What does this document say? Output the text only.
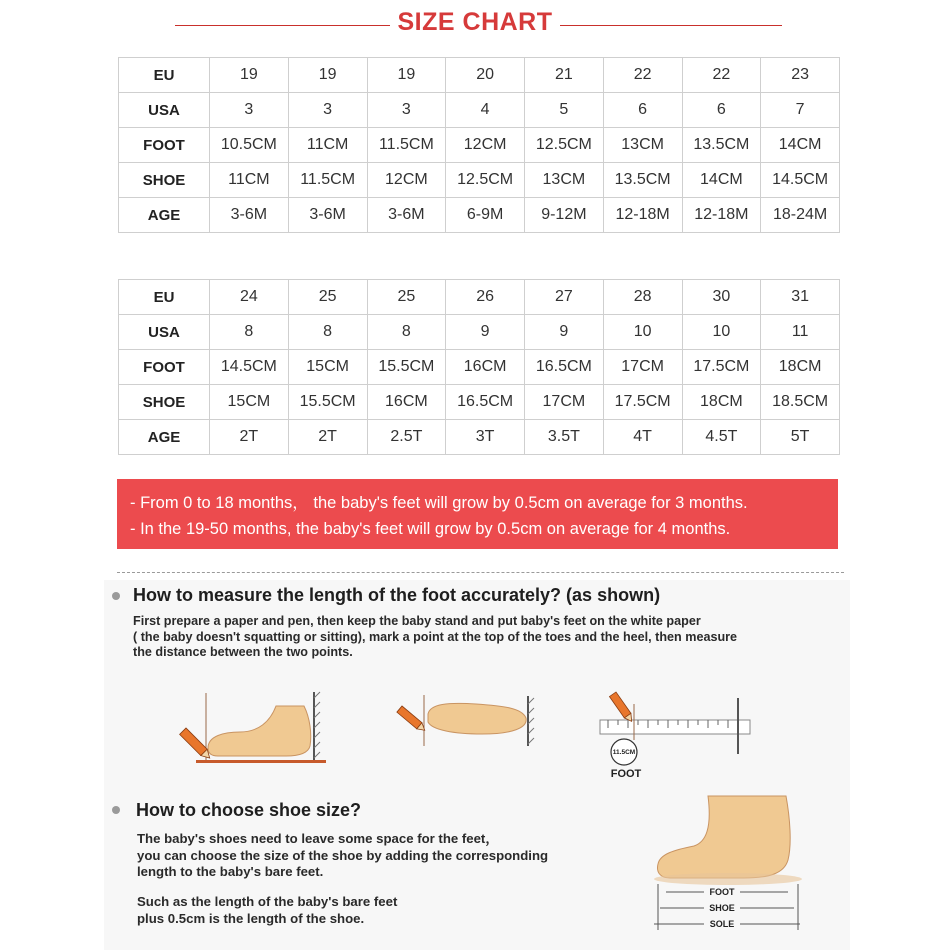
SIZE CHART
EU	19	19	19	20	21	22	22	23
USA	3	3	3	4	5	6	6	7
FOOT	10.5CM	11CM	11.5CM	12CM	12.5CM	13CM	13.5CM	14CM
SHOE	11CM	11.5CM	12CM	12.5CM	13CM	13.5CM	14CM	14.5CM
AGE	3-6M	3-6M	3-6M	6-9M	9-12M	12-18M	12-18M	18-24M
EU	24	25	25	26	27	28	30	31
USA	8	8	8	9	9	10	10	11
FOOT	14.5CM	15CM	15.5CM	16CM	16.5CM	17CM	17.5CM	18CM
SHOE	15CM	15.5CM	16CM	16.5CM	17CM	17.5CM	18CM	18.5CM
AGE	2T	2T	2.5T	3T	3.5T	4T	4.5T	5T
- From 0 to 18 months， the baby's feet will grow by 0.5cm on average for 3 months.
- In the 19-50 months, the baby's feet will grow by 0.5cm on average for 4 months.
How to measure the length of the foot accurately? (as shown)
First prepare a paper and pen, then keep the baby stand and put baby's feet on the white paper
( the baby doesn't squatting or sitting), mark a point at the top of the toes and the heel, then measure
the distance between the two points.
11.5CM
FOOT
How to choose shoe size?
The baby's shoes need to leave some space for the feet，
you can choose the size of the shoe by adding the corresponding
length to the baby's bare feet.
Such as the length of the baby's bare feet
plus 0.5cm is the length of the shoe.
FOOT
SHOE
SOLE
